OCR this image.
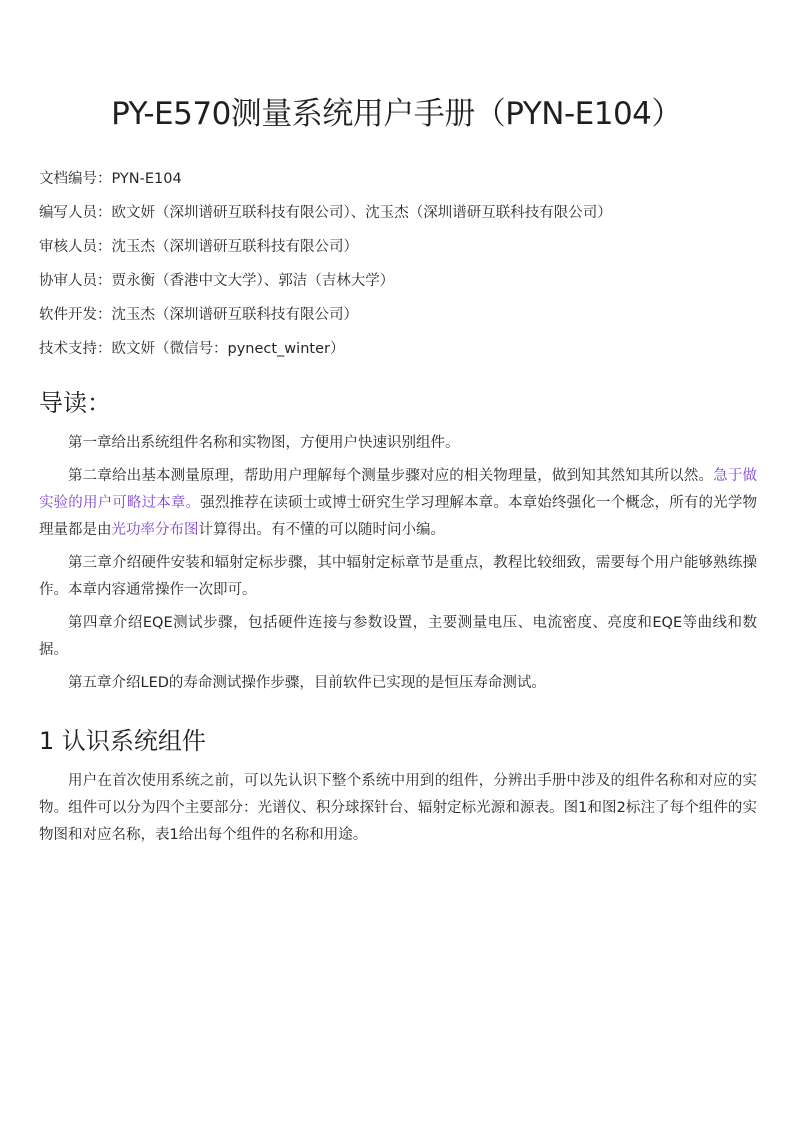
PY-E570测量系统用户手册（PYN-E104）
文档编号：PYN-E104
编写人员：欧文妍（深圳谱研互联科技有限公司）、沈玉杰（深圳谱研互联科技有限公司）
审核人员：沈玉杰（深圳谱研互联科技有限公司）
协审人员：贾永衡（香港中文大学）、郭洁（吉林大学）
软件开发：沈玉杰（深圳谱研互联科技有限公司）
技术支持：欧文妍（微信号：pynect_winter）
导读：

第一章给出系统组件名称和实物图，方便用户快速识别组件。

第二章给出基本测量原理，帮助用户理解每个测量步骤对应的相关物理量，做到知其然知其所以然。急于做实验的用户可略过本章。强烈推荐在读硕士或博士研究生学习理解本章。本章始终强化一个概念，所有的光学物理量都是由光功率分布图计算得出。有不懂的可以随时问小编。

第三章介绍硬件安装和辐射定标步骤，其中辐射定标章节是重点，教程比较细致，需要每个用户能够熟练操作。本章内容通常操作一次即可。

第四章介绍EQE测试步骤，包括硬件连接与参数设置，主要测量电压、电流密度、亮度和EQE等曲线和数据。

第五章介绍LED的寿命测试操作步骤，目前软件已实现的是恒压寿命测试。

1 认识系统组件

用户在首次使用系统之前，可以先认识下整个系统中用到的组件，分辨出手册中涉及的组件名称和对应的实物。组件可以分为四个主要部分：光谱仪、积分球探针台、辐射定标光源和源表。图1和图2标注了每个组件的实物图和对应名称，表1给出每个组件的名称和用途。
